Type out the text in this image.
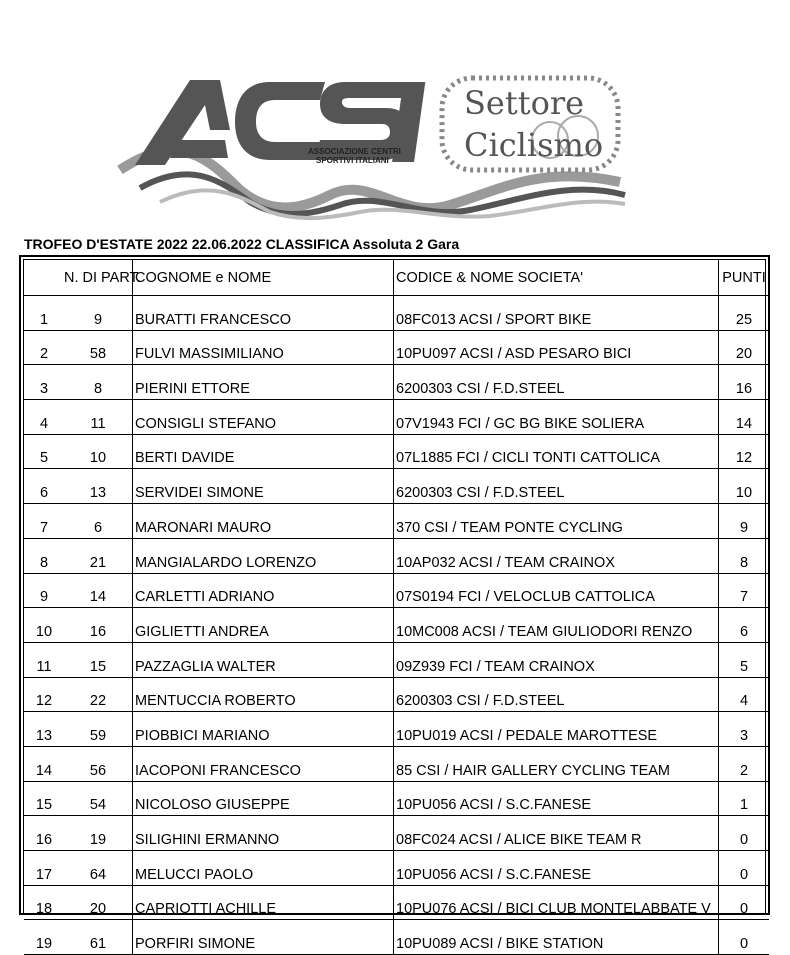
ASSOCIAZIONE CENTRI
SPORTIVI ITALIANI
Settore
Ciclismo
TROFEO D'ESTATE 2022 22.06.2022 CLASSIFICA Assoluta 2 Gara
	N. DI PART.	COGNOME e NOME	CODICE & NOME SOCIETA'	PUNTI
1	9	BURATTI FRANCESCO	08FC013 ACSI / SPORT BIKE	25
2	58	FULVI MASSIMILIANO	10PU097 ACSI / ASD PESARO BICI	20
3	8	PIERINI ETTORE	6200303 CSI / F.D.STEEL	16
4	11	CONSIGLI STEFANO	07V1943 FCI / GC BG BIKE SOLIERA	14
5	10	BERTI DAVIDE	07L1885 FCI / CICLI TONTI CATTOLICA	12
6	13	SERVIDEI SIMONE	6200303 CSI / F.D.STEEL	10
7	6	MARONARI MAURO	370 CSI / TEAM PONTE CYCLING	9
8	21	MANGIALARDO LORENZO	10AP032 ACSI / TEAM CRAINOX	8
9	14	CARLETTI ADRIANO	07S0194 FCI / VELOCLUB CATTOLICA	7
10	16	GIGLIETTI ANDREA	10MC008 ACSI / TEAM GIULIODORI RENZO	6
11	15	PAZZAGLIA WALTER	09Z939 FCI / TEAM CRAINOX	5
12	22	MENTUCCIA ROBERTO	6200303 CSI / F.D.STEEL	4
13	59	PIOBBICI MARIANO	10PU019 ACSI / PEDALE MAROTTESE	3
14	56	IACOPONI FRANCESCO	85 CSI / HAIR GALLERY CYCLING TEAM	2
15	54	NICOLOSO GIUSEPPE	10PU056 ACSI / S.C.FANESE	1
16	19	SILIGHINI ERMANNO	08FC024 ACSI / ALICE BIKE TEAM R	0
17	64	MELUCCI PAOLO	10PU056 ACSI / S.C.FANESE	0
18	20	CAPRIOTTI ACHILLE	10PU076 ACSI / BICI CLUB MONTELABBATE V	0
19	61	PORFIRI SIMONE	10PU089 ACSI / BIKE STATION	0
